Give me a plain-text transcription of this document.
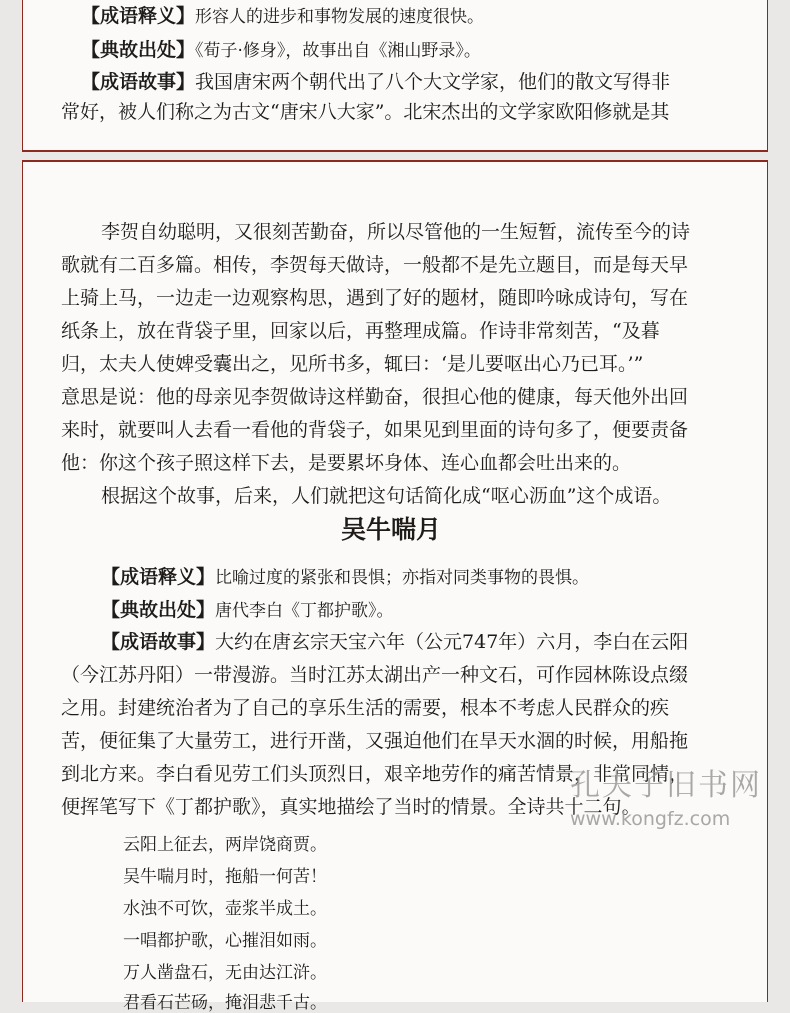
【成语释义】形容人的进步和事物发展的速度很快。
【典故出处】《荀子·修身》，故事出自《湘山野录》。
【成语故事】我国唐宋两个朝代出了八个大文学家，他们的散文写得非
常好，被人们称之为古文“唐宋八大家”。北宋杰出的文学家欧阳修就是其
李贺自幼聪明，又很刻苦勤奋，所以尽管他的一生短暂，流传至今的诗
歌就有二百多篇。相传，李贺每天做诗，一般都不是先立题目，而是每天早
上骑上马，一边走一边观察构思，遇到了好的题材，随即吟咏成诗句，写在
纸条上，放在背袋子里，回家以后，再整理成篇。作诗非常刻苦，“及暮
归，太夫人使婢受囊出之，见所书多，辄曰：‘是儿要呕出心乃已耳。’”
意思是说：他的母亲见李贺做诗这样勤奋，很担心他的健康，每天他外出回
来时，就要叫人去看一看他的背袋子，如果见到里面的诗句多了，便要责备
他：你这个孩子照这样下去，是要累坏身体、连心血都会吐出来的。
根据这个故事，后来，人们就把这句话简化成“呕心沥血”这个成语。
吴牛喘月
【成语释义】比喻过度的紧张和畏惧；亦指对同类事物的畏惧。
【典故出处】唐代李白《丁都护歌》。
【成语故事】大约在唐玄宗天宝六年（公元747年）六月，李白在云阳
（今江苏丹阳）一带漫游。当时江苏太湖出产一种文石，可作园林陈设点缀
之用。封建统治者为了自己的享乐生活的需要，根本不考虑人民群众的疾
苦，便征集了大量劳工，进行开凿，又强迫他们在旱天水涸的时候，用船拖
到北方来。李白看见劳工们头顶烈日，艰辛地劳作的痛苦情景，非常同情，
便挥笔写下《丁都护歌》，真实地描绘了当时的情景。全诗共十二句。
云阳上征去，两岸饶商贾。
吴牛喘月时，拖船一何苦！
水浊不可饮，壶浆半成土。
一唱都护歌，心摧泪如雨。
万人凿盘石，无由达江浒。
君看石芒砀，掩泪悲千古。
孔夫子旧书网
www.kongfz.com
